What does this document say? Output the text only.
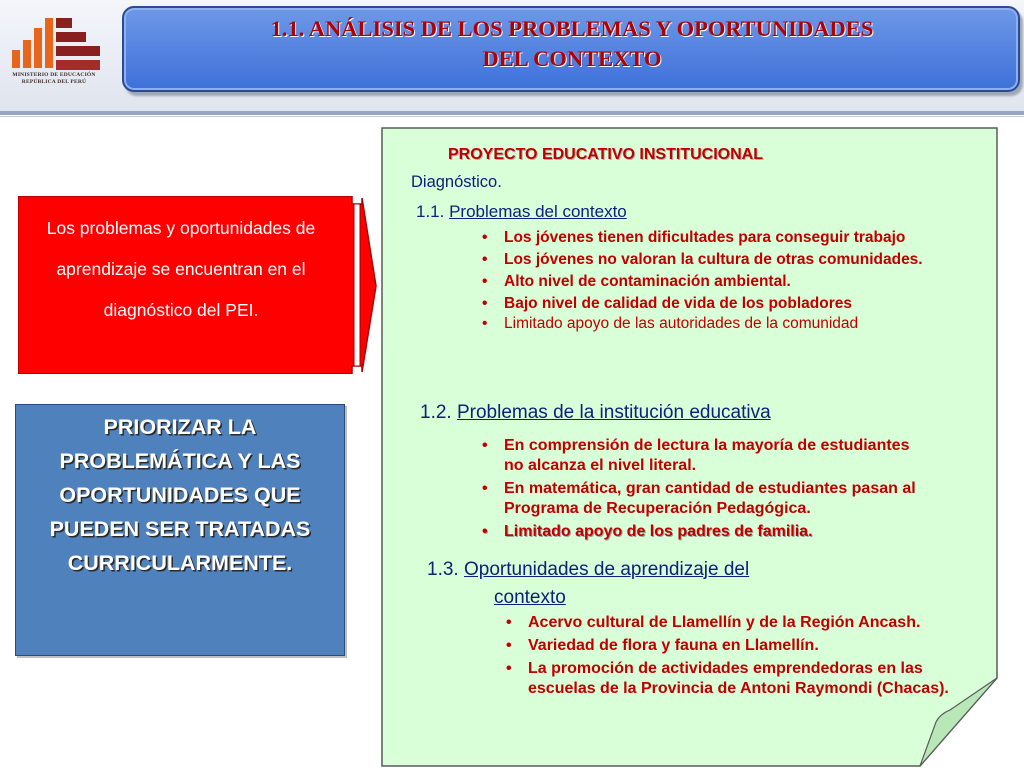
MINISTERIO DE EDUCACIÓN
REPÚBLICA DEL PERÚ
1.1. ANÁLISIS DE LOS PROBLEMAS Y OPORTUNIDADES
DEL CONTEXTO
Los problemas y oportunidades de aprendizaje se encuentran en el diagnóstico del PEI.
PRIORIZAR LA PROBLEMÁTICA Y LAS OPORTUNIDADES QUE PUEDEN SER TRATADAS CURRICULARMENTE.
PROYECTO EDUCATIVO INSTITUCIONAL
Diagnóstico.
1.1. Problemas del contexto
• Los jóvenes tienen dificultades para conseguir trabajo
• Los jóvenes no valoran la cultura de otras comunidades.
• Alto nivel de contaminación ambiental.
• Bajo nivel de calidad de vida de los pobladores
• Limitado apoyo de las autoridades de la comunidad
1.2. Problemas de la institución educativa
• En comprensión de lectura la mayoría de estudiantes no alcanza el nivel literal.
• En matemática, gran cantidad de estudiantes pasan al Programa de Recuperación Pedagógica.
• Limitado apoyo de los padres de familia.
1.3. Oportunidades de aprendizaje del
contexto
• Acervo cultural de Llamellín y de la Región Ancash.
• Variedad de flora y fauna en Llamellín.
• La promoción de actividades emprendedoras en las escuelas de la Provincia de Antoni Raymondi (Chacas).
